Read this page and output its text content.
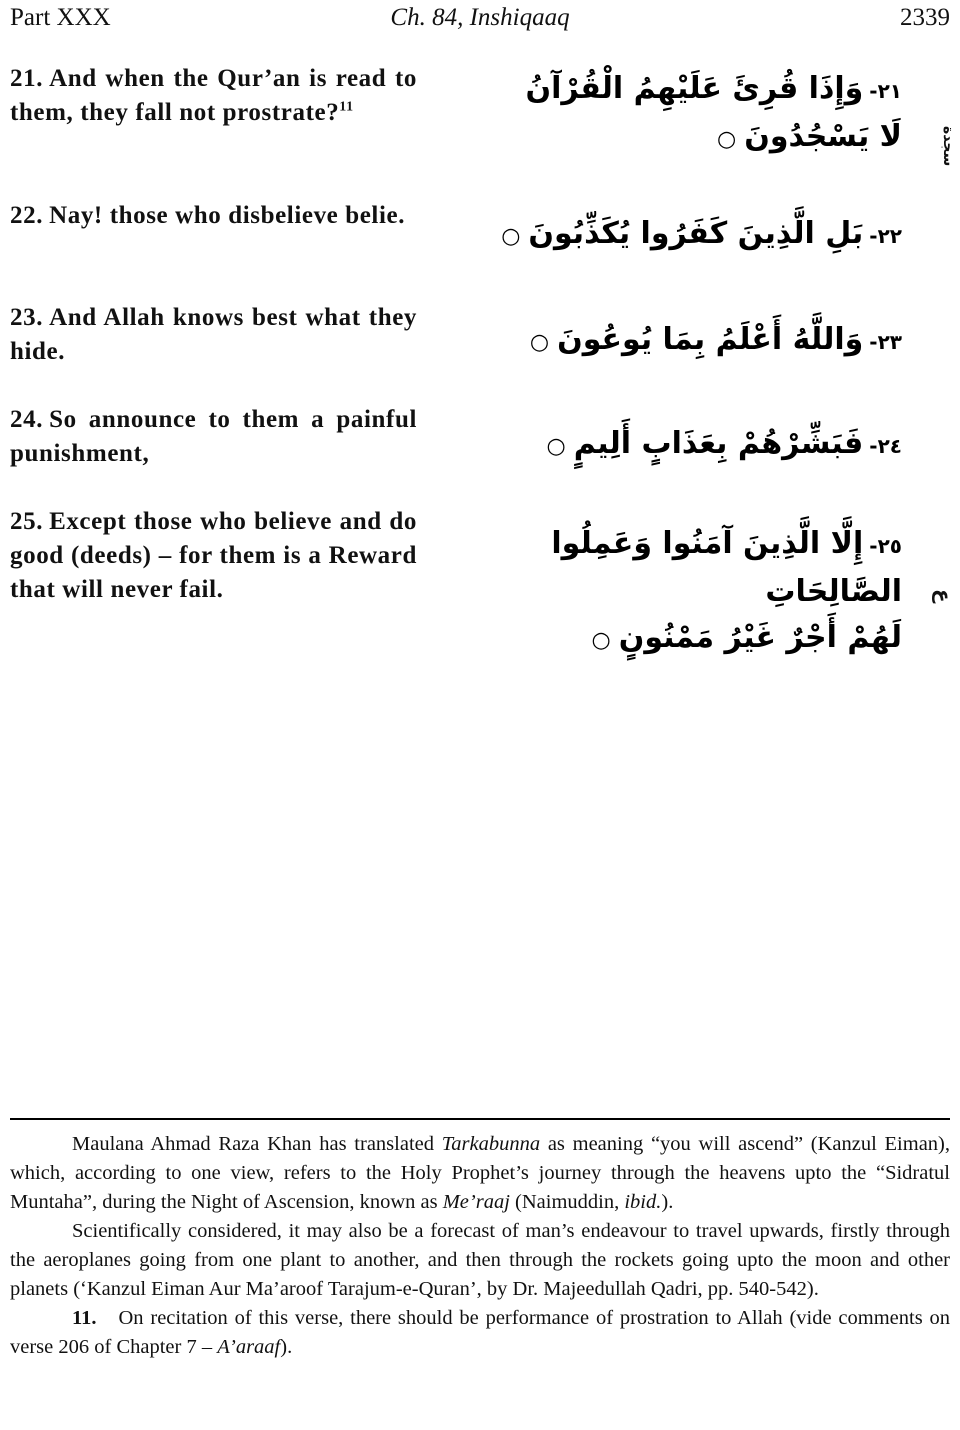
Part XXX	Ch. 84, Inshiqaaq	2339
21. And when the Qur’an is read to them, they fall not prostrate?$^{11}$
٢١-وَإِذَا قُرِئَ عَلَيْهِمُ الْقُرْآنُ
لَا يَسْجُدُونَ○	سجدة
22. Nay! those who disbelieve belie.
٢٢-بَلِ الَّذِينَ كَفَرُوا يُكَذِّبُونَ○
23. And Allah knows best what they hide.	٢٣-وَاللَّهُ أَعْلَمُ بِمَا يُوعُونَ○
24. So announce to them a painful punishment,	٢٤-فَبَشِّرْهُمْ بِعَذَابٍ أَلِيمٍ○
25. Except those who believe and do good (deeds) – for them is a Reward that will never fail.
٢٥-إِلَّا الَّذِينَ آمَنُوا وَعَمِلُوا الصَّالِحَاتِ
لَهُمْ أَجْرٌ غَيْرُ مَمْنُونٍ○
ع

Maulana Ahmad Raza Khan has translated Tarkabunna as meaning “you will ascend” (Kanzul Eiman), which, according to one view, refers to the Holy Prophet’s journey through the heavens upto the “Sidratul Muntaha”, during the Night of Ascension, known as Me’raaj (Naimuddin, ibid.).

Scientifically considered, it may also be a forecast of man’s endeavour to travel upwards, firstly through the aeroplanes going from one plant to another, and then through the rockets going upto the moon and other planets (‘Kanzul Eiman Aur Ma’aroof Tarajum-e-Quran’, by Dr. Majeedullah Qadri, pp. 540-542).

11. On recitation of this verse, there should be performance of prostration to Allah (vide comments on verse 206 of Chapter 7 – A’araaf).
